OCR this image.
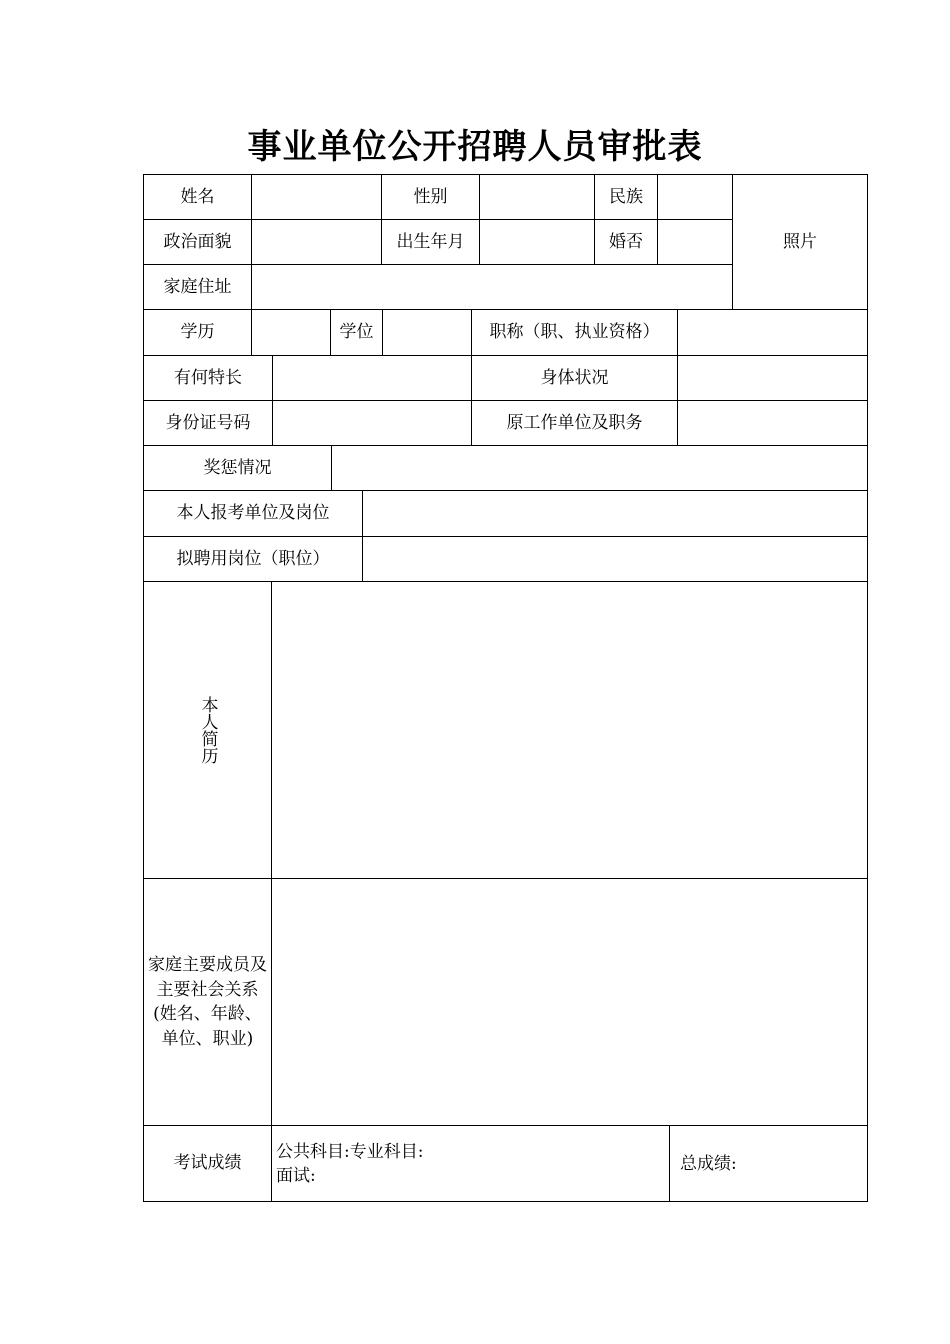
事业单位公开招聘人员审批表
姓名	性别	民族
照片
政治面貌	出生年月	婚否
家庭住址
学历	学位	职称（职、执业资格）
有何特长	身体状况
身份证号码	原工作单位及职务
奖惩情况
本人报考单位及岗位
拟聘用岗位（职位）
本人简历
家庭主要成员及
主要社会关系
(姓名、年龄、
单位、职业)
考试成绩
公共科目:专业科目:
面试:
总成绩:
